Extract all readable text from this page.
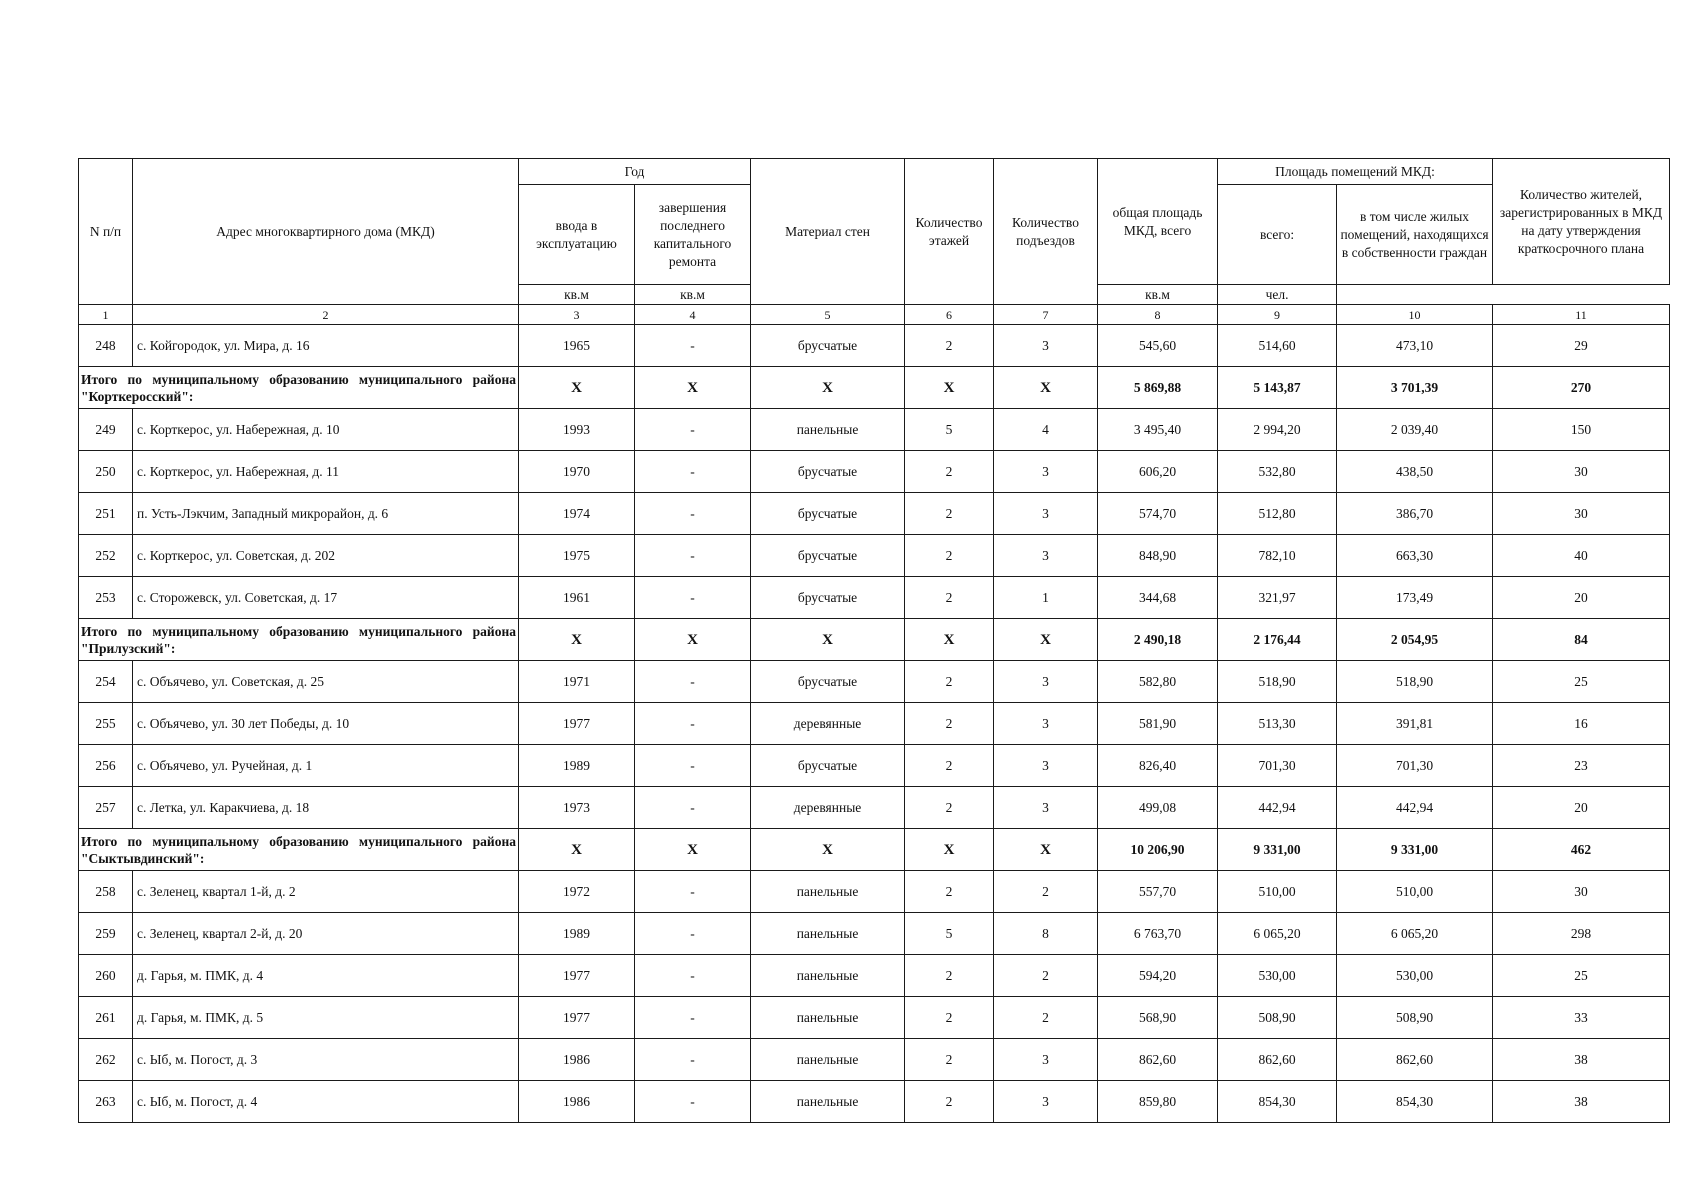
N п/п	Адрес многоквартирного дома (МКД)	Год		Материал стен	Количество этажей	Количество подъездов	общая площадь МКД, всего	Площадь помещений МКД:		Количество жителей, зарегистрированных в МКД на дату утверждения краткосрочного плана
		ввода в эксплуатацию	завершения последнего капитального ремонта					всего:	в том числе жилых помещений, находящихся в собственности граждан	
		кв.м	кв.м				кв.м	чел.		
1	2	3	4	5	6	7	8	9	10	11
248	с. Койгородок, ул. Мира, д. 16	1965	-	брусчатые	2	3	545,60	514,60	473,10	29
Итого по муниципальному образованию муниципального района "Корткеросский":		X	X	X	X	X	5 869,88	5 143,87	3 701,39	270
249	с. Корткерос, ул. Набережная, д. 10	1993	-	панельные	5	4	3 495,40	2 994,20	2 039,40	150
250	с. Корткерос, ул. Набережная, д. 11	1970	-	брусчатые	2	3	606,20	532,80	438,50	30
251	п. Усть-Лэкчим, Западный микрорайон, д. 6	1974	-	брусчатые	2	3	574,70	512,80	386,70	30
252	с. Корткерос, ул. Советская, д. 202	1975	-	брусчатые	2	3	848,90	782,10	663,30	40
253	с. Сторожевск, ул. Советская, д. 17	1961	-	брусчатые	2	1	344,68	321,97	173,49	20
Итого по муниципальному образованию муниципального района "Прилузский":		X	X	X	X	X	2 490,18	2 176,44	2 054,95	84
254	с. Объячево, ул. Советская, д. 25	1971	-	брусчатые	2	3	582,80	518,90	518,90	25
255	с. Объячево, ул. 30 лет Победы, д. 10	1977	-	деревянные	2	3	581,90	513,30	391,81	16
256	с. Объячево, ул. Ручейная, д. 1	1989	-	брусчатые	2	3	826,40	701,30	701,30	23
257	с. Летка, ул. Каракчиева, д. 18	1973	-	деревянные	2	3	499,08	442,94	442,94	20
Итого по муниципальному образованию муниципального района "Сыктывдинский":		X	X	X	X	X	10 206,90	9 331,00	9 331,00	462
258	с. Зеленец, квартал 1-й, д. 2	1972	-	панельные	2	2	557,70	510,00	510,00	30
259	с. Зеленец, квартал 2-й, д. 20	1989	-	панельные	5	8	6 763,70	6 065,20	6 065,20	298
260	д. Гарья, м. ПМК, д. 4	1977	-	панельные	2	2	594,20	530,00	530,00	25
261	д. Гарья, м. ПМК, д. 5	1977	-	панельные	2	2	568,90	508,90	508,90	33
262	с. Ыб, м. Погост, д. 3	1986	-	панельные	2	3	862,60	862,60	862,60	38
263	с. Ыб, м. Погост, д. 4	1986	-	панельные	2	3	859,80	854,30	854,30	38
